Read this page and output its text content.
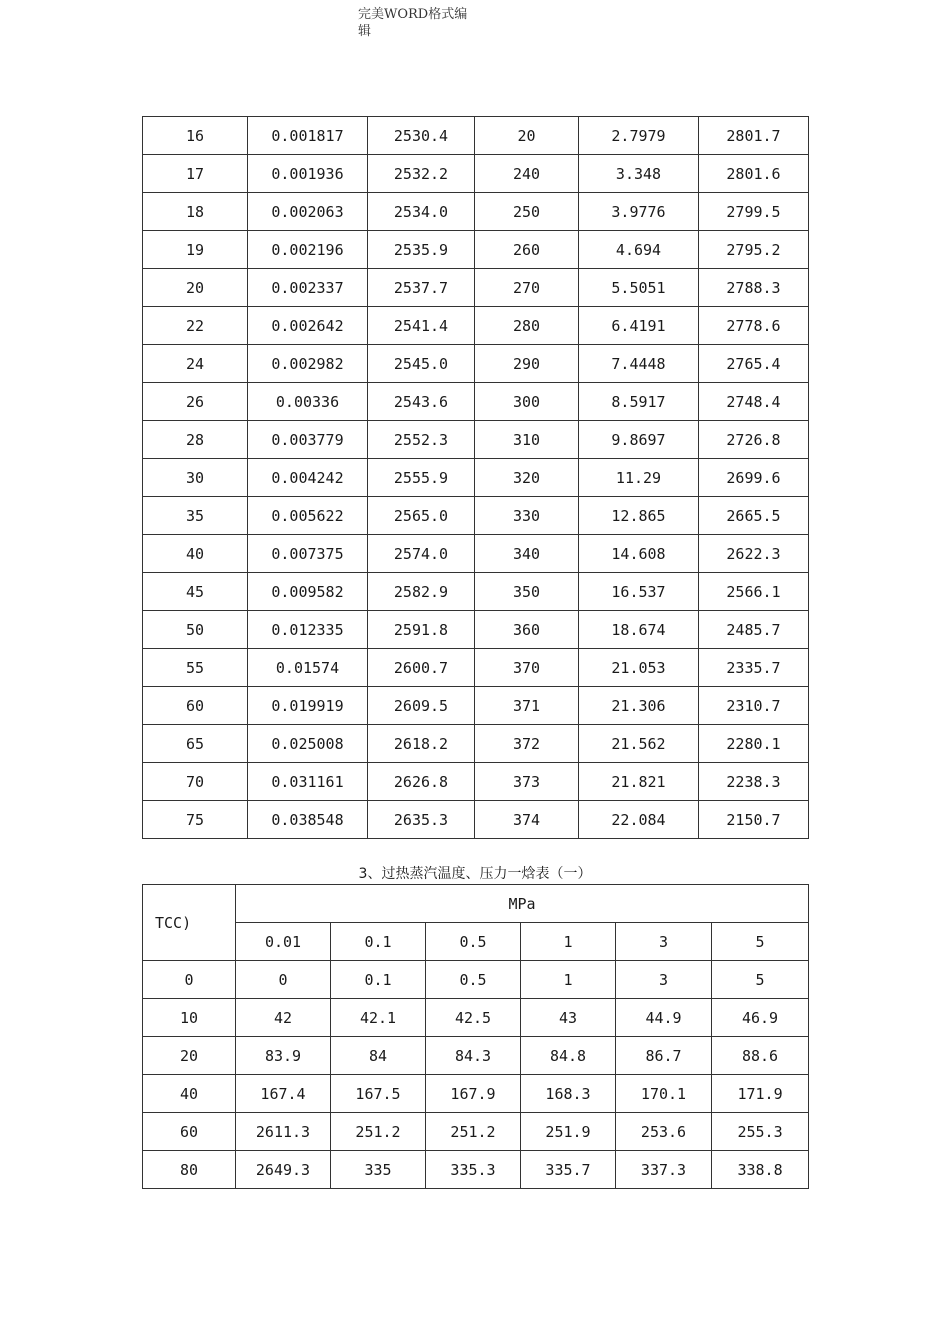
完美WORD格式编
辑
16	0.001817	2530.4	20	2.7979	2801.7
17	0.001936	2532.2	240	3.348	2801.6
18	0.002063	2534.0	250	3.9776	2799.5
19	0.002196	2535.9	260	4.694	2795.2
20	0.002337	2537.7	270	5.5051	2788.3
22	0.002642	2541.4	280	6.4191	2778.6
24	0.002982	2545.0	290	7.4448	2765.4
26	0.00336	2543.6	300	8.5917	2748.4
28	0.003779	2552.3	310	9.8697	2726.8
30	0.004242	2555.9	320	11.29	2699.6
35	0.005622	2565.0	330	12.865	2665.5
40	0.007375	2574.0	340	14.608	2622.3
45	0.009582	2582.9	350	16.537	2566.1
50	0.012335	2591.8	360	18.674	2485.7
55	0.01574	2600.7	370	21.053	2335.7
60	0.019919	2609.5	371	21.306	2310.7
65	0.025008	2618.2	372	21.562	2280.1
70	0.031161	2626.8	373	21.821	2238.3
75	0.038548	2635.3	374	22.084	2150.7
3、过热蒸汽温度、压力一焓表（一）
TCC)	MPa					
	0.01	0.1	0.5	1	3	5
0	0	0.1	0.5	1	3	5
10	42	42.1	42.5	43	44.9	46.9
20	83.9	84	84.3	84.8	86.7	88.6
40	167.4	167.5	167.9	168.3	170.1	171.9
60	2611.3	251.2	251.2	251.9	253.6	255.3
80	2649.3	335	335.3	335.7	337.3	338.8
